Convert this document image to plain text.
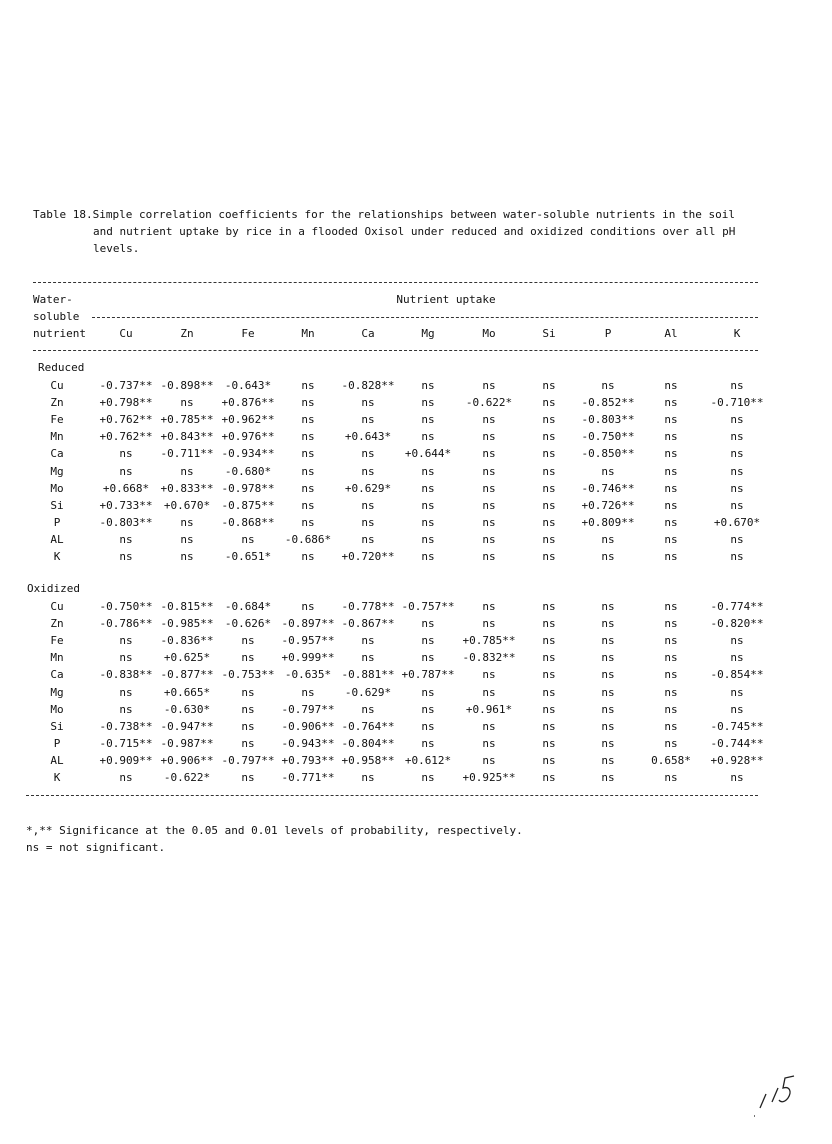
Table 18.Simple correlation coefficients for the relationships between water-soluble nutrients in the soil
and nutrient uptake by rice in a flooded Oxisol under reduced and oxidized conditions over all pH
levels.
Water-
soluble
nutrient
Nutrient uptake
Cu	Zn	Fe	Mn	Ca	Mg	Mo	Si	P	Al	K
Reduced
Cu	-0.737** -0.898** -0.643*	ns -0.828** ns	ns	ns	ns	ns	ns
Zn	+0.798**	ns	+0.876** ns	ns	ns	-0.622*	ns -0.852**	ns	-0.710**
Fe	+0.762** +0.785** +0.962** ns	ns	ns	ns	ns -0.803**	ns	ns
Mn	+0.762** +0.843** +0.976** ns	+0.643*	ns	ns	ns -0.750**	ns	ns
Ca	ns	-0.711** -0.934** ns	ns	+0.644*	ns	ns -0.850**	ns	ns
Mg	ns	ns	-0.680*	ns	ns	ns	ns	ns	ns	ns	ns
Mo	+0.668* +0.833** -0.978** ns	+0.629*	ns	ns	ns -0.746**	ns	ns
Si	+0.733** +0.670* -0.875** ns	ns	ns	ns	ns +0.726**	ns	ns
P	-0.803**	ns	-0.868** ns	ns	ns	ns	ns +0.809**	ns	+0.670*
AL	ns	ns	ns	-0.686*	ns	ns	ns	ns	ns	ns	ns
K	ns	ns	-0.651*	ns +0.720** ns	ns	ns	ns	ns	ns
Oxidized
Cu	-0.750** -0.815** -0.684*	ns -0.778** -0.757**	ns	ns	ns	ns	-0.774**
Zn	-0.786** -0.985** -0.626* -0.897** -0.867** ns	ns	ns	ns	ns	-0.820**
Fe	ns	-0.836**	ns -0.957** ns	ns	+0.785** ns	ns	ns	ns
Mn	ns	+0.625*	ns +0.999** ns	ns	-0.832** ns	ns	ns	ns
Ca	-0.838** -0.877** -0.753** -0.635* -0.881** +0.787**	ns	ns	ns	ns	-0.854**
Mg	ns	+0.665*	ns	ns	-0.629*	ns	ns	ns	ns	ns	ns
Mo	ns	-0.630*	ns -0.797** ns	ns	+0.961*	ns	ns	ns	ns
Si	-0.738** -0.947**	ns -0.906** -0.764** ns	ns	ns	ns	ns	-0.745**
P	-0.715** -0.987**	ns -0.943** -0.804** ns	ns	ns	ns	ns	-0.744**
AL	+0.909** +0.906** -0.797** +0.793** +0.958** +0.612*	ns	ns	ns	0.658* +0.928**
K	ns	-0.622*	ns -0.771** ns	ns	+0.925** ns	ns	ns	ns
*,** Significance at the 0.05 and 0.01 levels of probability, respectively.
ns = not significant.
